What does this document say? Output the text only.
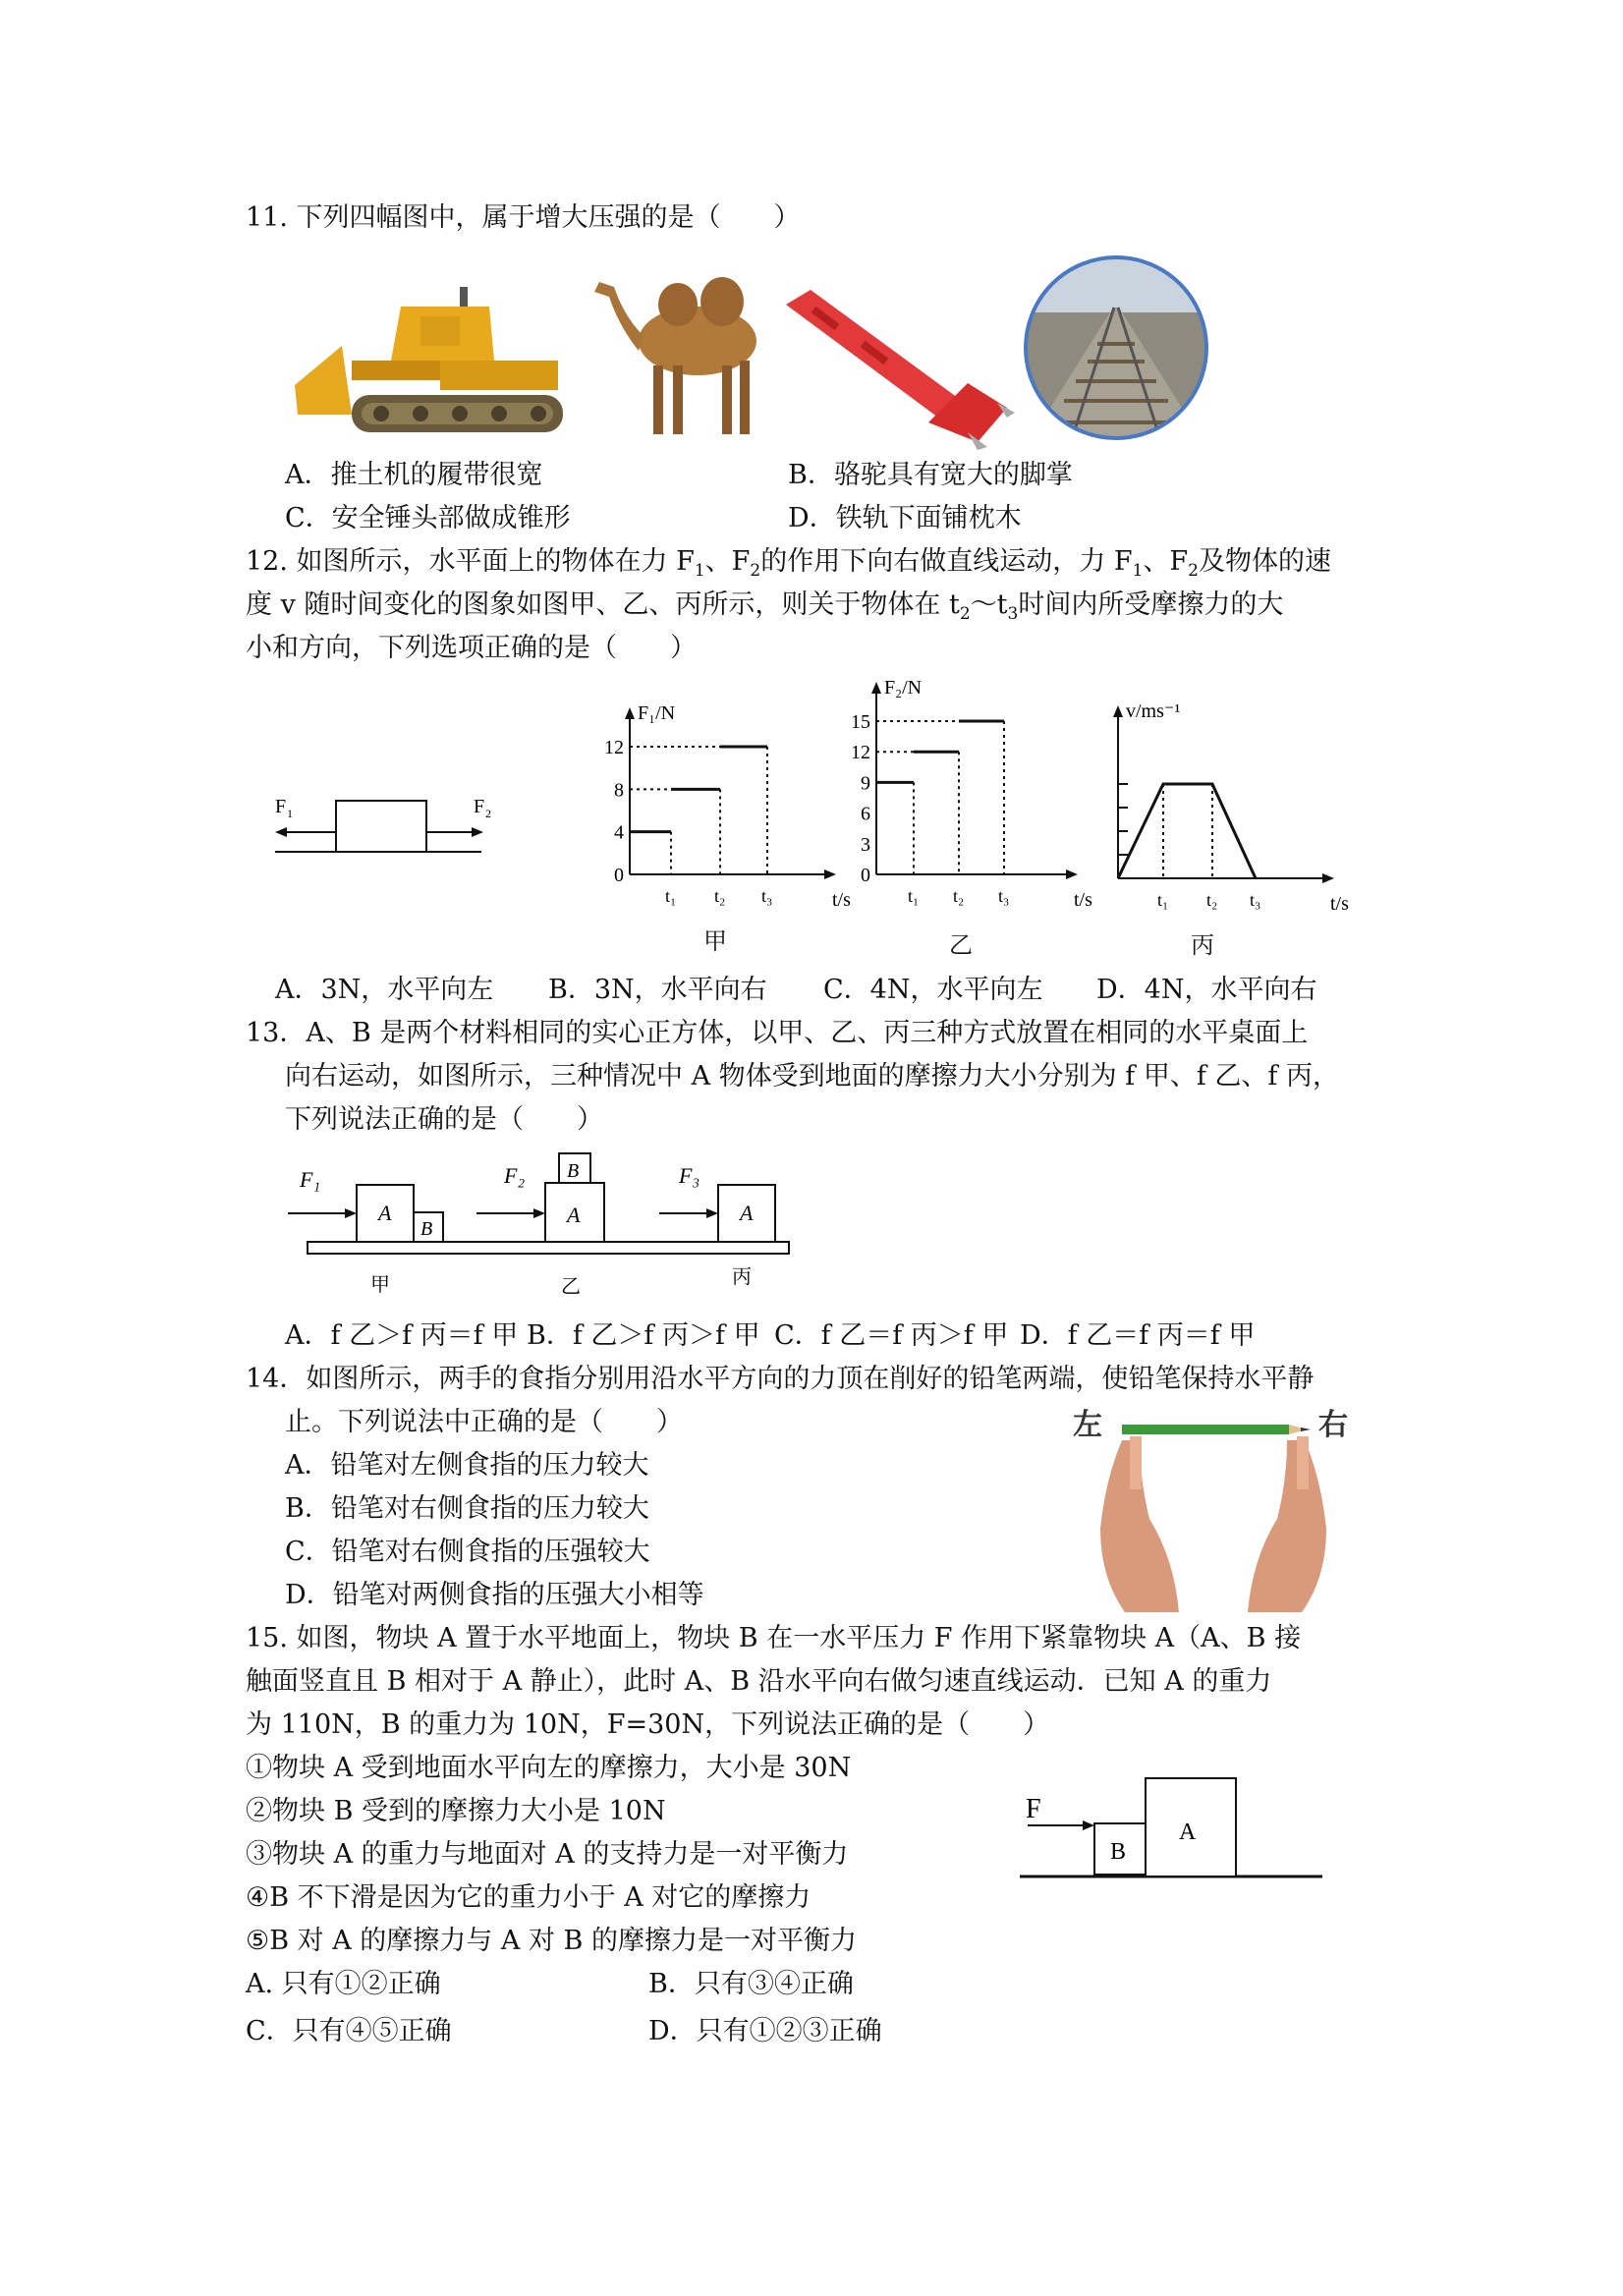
11. 下列四幅图中，属于增大压强的是（　　）
A．推土机的履带很宽	B．骆驼具有宽大的脚掌
C．安全锤头部做成锥形	D．铁轨下面铺枕木
12. 如图所示，水平面上的物体在力 $F_1$、$F_2$的作用下向右做直线运动，力 $F_1$、$F_2$及物体的速
度 v 随时间变化的图象如图甲、乙、丙所示，则关于物体在 $t_2\sim t_3$时间内所受摩擦力的大
小和方向，下列选项正确的是（　　）
F 1	F 2
F₁/N
t/s
0
4
8
12
t₁ t₂ t₃
甲
F₂/N
t/s
0
3
6
9
12
15
t₁ t₂ t₃
乙
v/ms⁻¹
t/s
t₁ t₂ t₃
丙
A．3N，水平向左 B．3N，水平向右 C．4N，水平向左 D．4N，水平向右
13．A、B 是两个材料相同的实心正方体，以甲、乙、丙三种方式放置在相同的水平桌面上
向右运动，如图所示，三种情况中 A 物体受到地面的摩擦力大小分别为 f 甲、f 乙、f 丙，
下列说法正确的是（　　）
F₁
A
B
甲
F₂
A
B
乙
F₃
A
丙
A．f 乙＞f 丙＝f 甲 B．f 乙＞f 丙＞f 甲 C．f 乙＝f 丙＞f 甲 D．f 乙＝f 丙＝f 甲
14．如图所示，两手的食指分别用沿水平方向的力顶在削好的铅笔两端，使铅笔保持水平静
止。下列说法中正确的是（　　）
A．铅笔对左侧食指的压力较大
B．铅笔对右侧食指的压力较大
C．铅笔对右侧食指的压强较大
D．铅笔对两侧食指的压强大小相等
左	右
15. 如图，物块 A 置于水平地面上，物块 B 在一水平压力 F 作用下紧靠物块 A（A、B 接
触面竖直且 B 相对于 A 静止），此时 A、B 沿水平向右做匀速直线运动．已知 A 的重力
为 110N，B 的重力为 10N，F=30N，下列说法正确的是（　　）
①物块 A 受到地面水平向左的摩擦力，大小是 30N
②物块 B 受到的摩擦力大小是 10N
③物块 A 的重力与地面对 A 的支持力是一对平衡力
④B 不下滑是因为它的重力小于 A 对它的摩擦力
⑤B 对 A 的摩擦力与 A 对 B 的摩擦力是一对平衡力
A. 只有①②正确	B．只有③④正确
C．只有④⑤正确	D．只有①②③正确
F
B
A
